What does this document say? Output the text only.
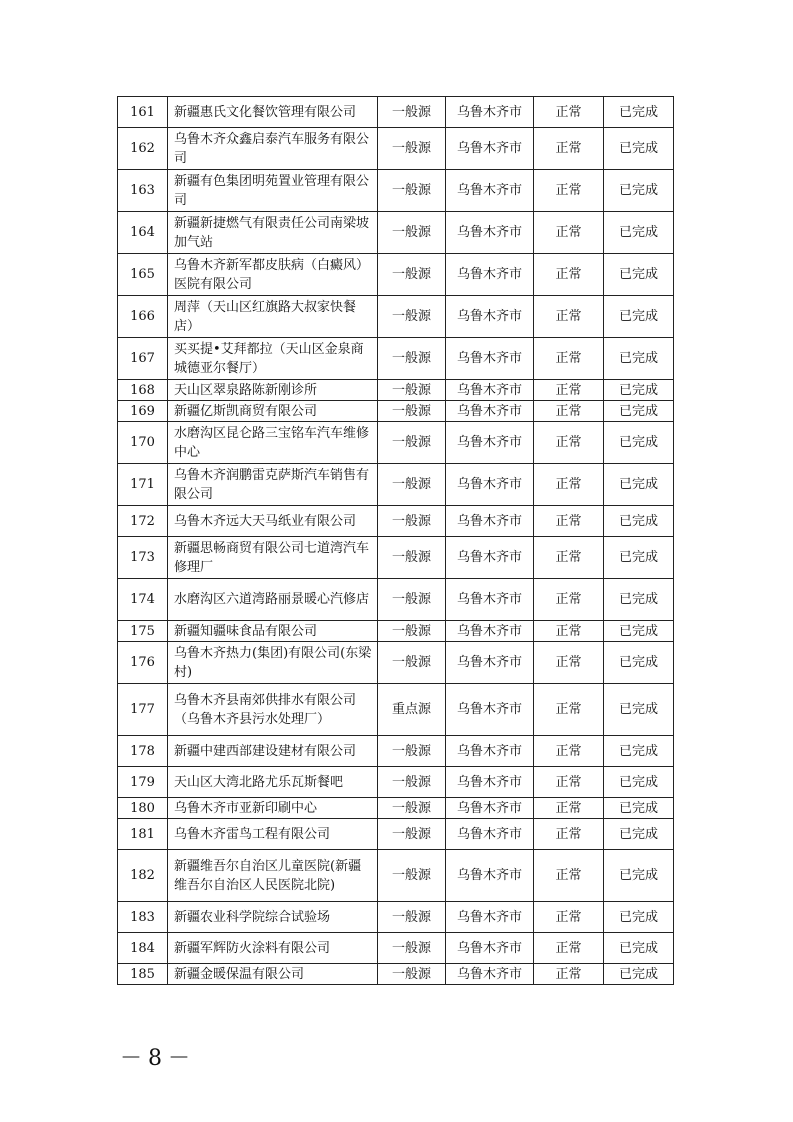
161	新疆惠氏文化餐饮管理有限公司	一般源	乌鲁木齐市	正常	已完成
162	乌鲁木齐众鑫启泰汽车服务有限公司	一般源	乌鲁木齐市	正常	已完成
163	新疆有色集团明苑置业管理有限公司	一般源	乌鲁木齐市	正常	已完成
164	新疆新捷燃气有限责任公司南梁坡加气站	一般源	乌鲁木齐市	正常	已完成
165	乌鲁木齐新军都皮肤病（白癜风）医院有限公司	一般源	乌鲁木齐市	正常	已完成
166	周萍（天山区红旗路大叔家快餐店）	一般源	乌鲁木齐市	正常	已完成
167	买买提•艾拜都拉（天山区金泉商城德亚尔餐厅）	一般源	乌鲁木齐市	正常	已完成
168	天山区翠泉路陈新刚诊所	一般源	乌鲁木齐市	正常	已完成
169	新疆亿斯凯商贸有限公司	一般源	乌鲁木齐市	正常	已完成
170	水磨沟区昆仑路三宝铭车汽车维修中心	一般源	乌鲁木齐市	正常	已完成
171	乌鲁木齐润鹏雷克萨斯汽车销售有限公司	一般源	乌鲁木齐市	正常	已完成
172	乌鲁木齐远大天马纸业有限公司	一般源	乌鲁木齐市	正常	已完成
173	新疆思畅商贸有限公司七道湾汽车修理厂	一般源	乌鲁木齐市	正常	已完成
174	水磨沟区六道湾路丽景暖心汽修店	一般源	乌鲁木齐市	正常	已完成
175	新疆知疆味食品有限公司	一般源	乌鲁木齐市	正常	已完成
176	乌鲁木齐热力(集团)有限公司(东梁村)	一般源	乌鲁木齐市	正常	已完成
177	乌鲁木齐县南郊供排水有限公司（乌鲁木齐县污水处理厂）	重点源	乌鲁木齐市	正常	已完成
178	新疆中建西部建设建材有限公司	一般源	乌鲁木齐市	正常	已完成
179	天山区大湾北路尤乐瓦斯餐吧	一般源	乌鲁木齐市	正常	已完成
180	乌鲁木齐市亚新印刷中心	一般源	乌鲁木齐市	正常	已完成
181	乌鲁木齐雷鸟工程有限公司	一般源	乌鲁木齐市	正常	已完成
182	新疆维吾尔自治区儿童医院(新疆维吾尔自治区人民医院北院)	一般源	乌鲁木齐市	正常	已完成
183	新疆农业科学院综合试验场	一般源	乌鲁木齐市	正常	已完成
184	新疆军辉防火涂料有限公司	一般源	乌鲁木齐市	正常	已完成
185	新疆金暖保温有限公司	一般源	乌鲁木齐市	正常	已完成
－8－
